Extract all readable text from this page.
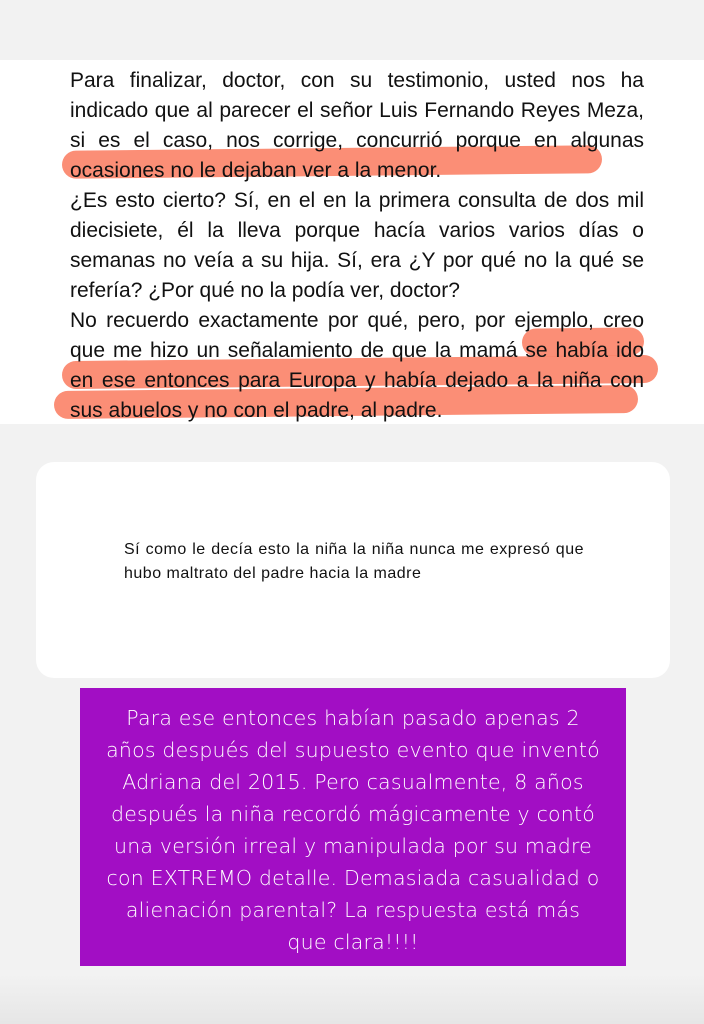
Para finalizar, doctor, con su testimonio, usted nos ha indicado que al parecer el señor Luis Fernando Reyes Meza, si es el caso, nos corrige, concurrió porque en algunas ocasiones no le dejaban ver a la menor.

¿Es esto cierto? Sí, en el en la primera consulta de dos mil diecisiete, él la lleva porque hacía varios varios días o semanas no veía a su hija. Sí, era ¿Y por qué no la qué se refería? ¿Por qué no la podía ver, doctor?

No recuerdo exactamente por qué, pero, por ejemplo, creo que me hizo un señalamiento de que la mamá se había ido en ese entonces para Europa y había dejado a la niña con sus abuelos y no con el padre, al padre.

Sí como le decía esto la niña la niña nunca me expresó que hubo maltrato del padre hacia la madre

Para ese entonces habían pasado apenas 2 años después del supuesto evento que inventó Adriana del 2015. Pero casualmente, 8 años después la niña recordó mágicamente y contó una versión irreal y manipulada por su madre con EXTREMO detalle. Demasiada casualidad o alienación parental? La respuesta está más que clara!!!!
